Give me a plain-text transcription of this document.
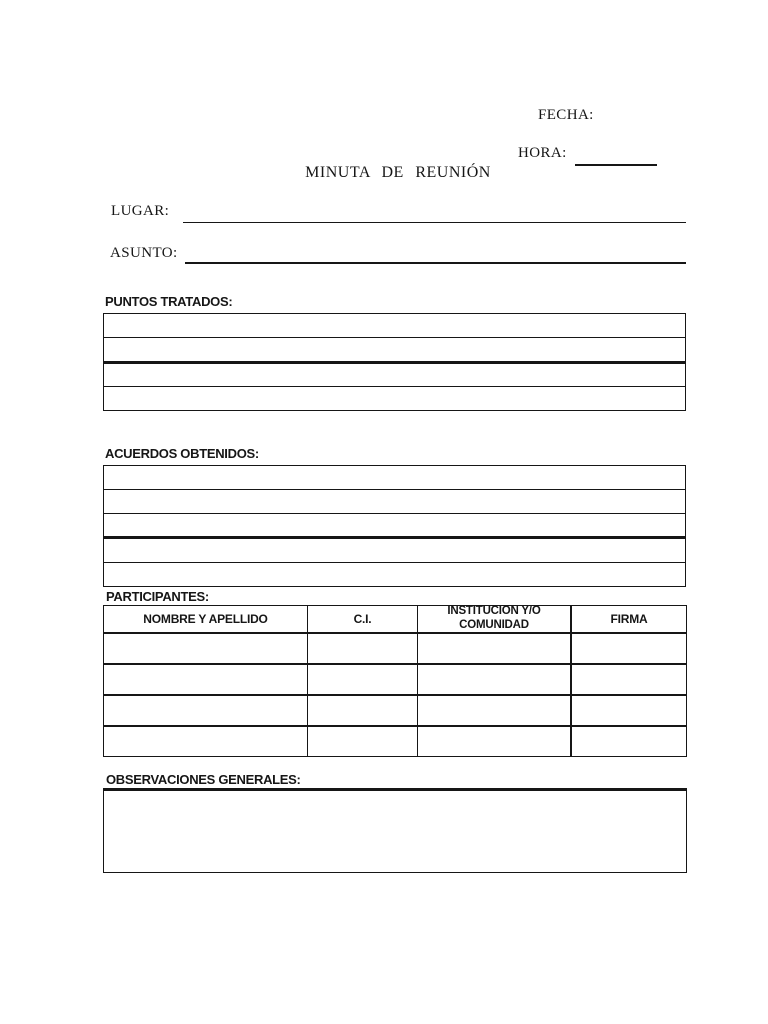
FECHA:
HORA:
MINUTA DE REUNIÓN
LUGAR:
ASUNTO:
PUNTOS TRATADOS:
ACUERDOS OBTENIDOS:
PARTICIPANTES:
NOMBRE Y APELLIDO	C.I.
INSTITUCIÓN Y/O
COMUNIDAD	FIRMA
OBSERVACIONES GENERALES:
